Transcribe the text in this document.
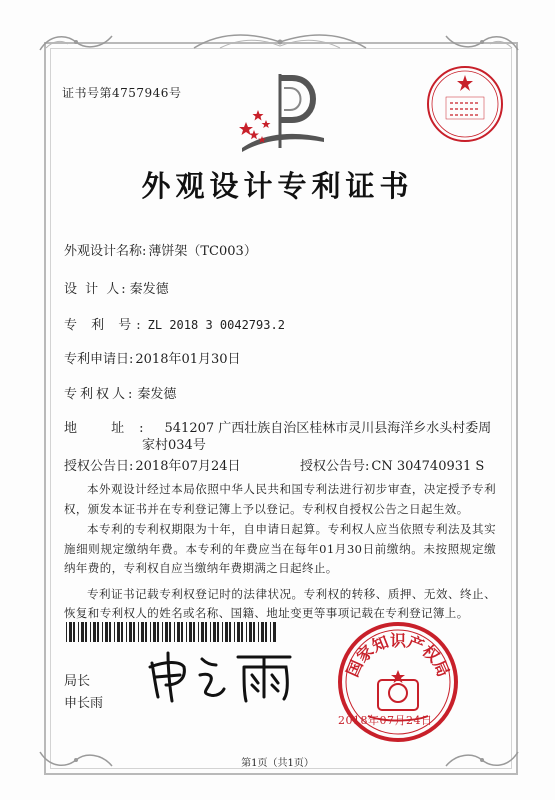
证书号第4757946号
外观设计专利证书
外观设计名称: 薄饼架（TC003）
设 计 人: 秦发德
专 利 号: ZL 2018 3 0042793.2
专利申请日: 2018年01月30日
专利权人: 秦发德
地 址: 541207 广西壮族自治区桂林市灵川县海洋乡水头村委周
家村034号
授权公告日: 2018年07月24日	授权公告号: CN 304740931 S

本外观设计经过本局依照中华人民共和国专利法进行初步审查，决定授予专利权，颁发本证书并在专利登记簿上予以登记。专利权自授权公告之日起生效。

本专利的专利权期限为十年，自申请日起算。专利权人应当依照专利法及其实施细则规定缴纳年费。本专利的年费应当在每年01月30日前缴纳。未按照规定缴纳年费的，专利权自应当缴纳年费期满之日起终止。

专利证书记载专利权登记时的法律状况。专利权的转移、质押、无效、终止、恢复和专利权人的姓名或名称、国籍、地址变更等事项记载在专利登记簿上。

国家知识产权局
2018年07月24日
局长
申长雨
第1页（共1页）
